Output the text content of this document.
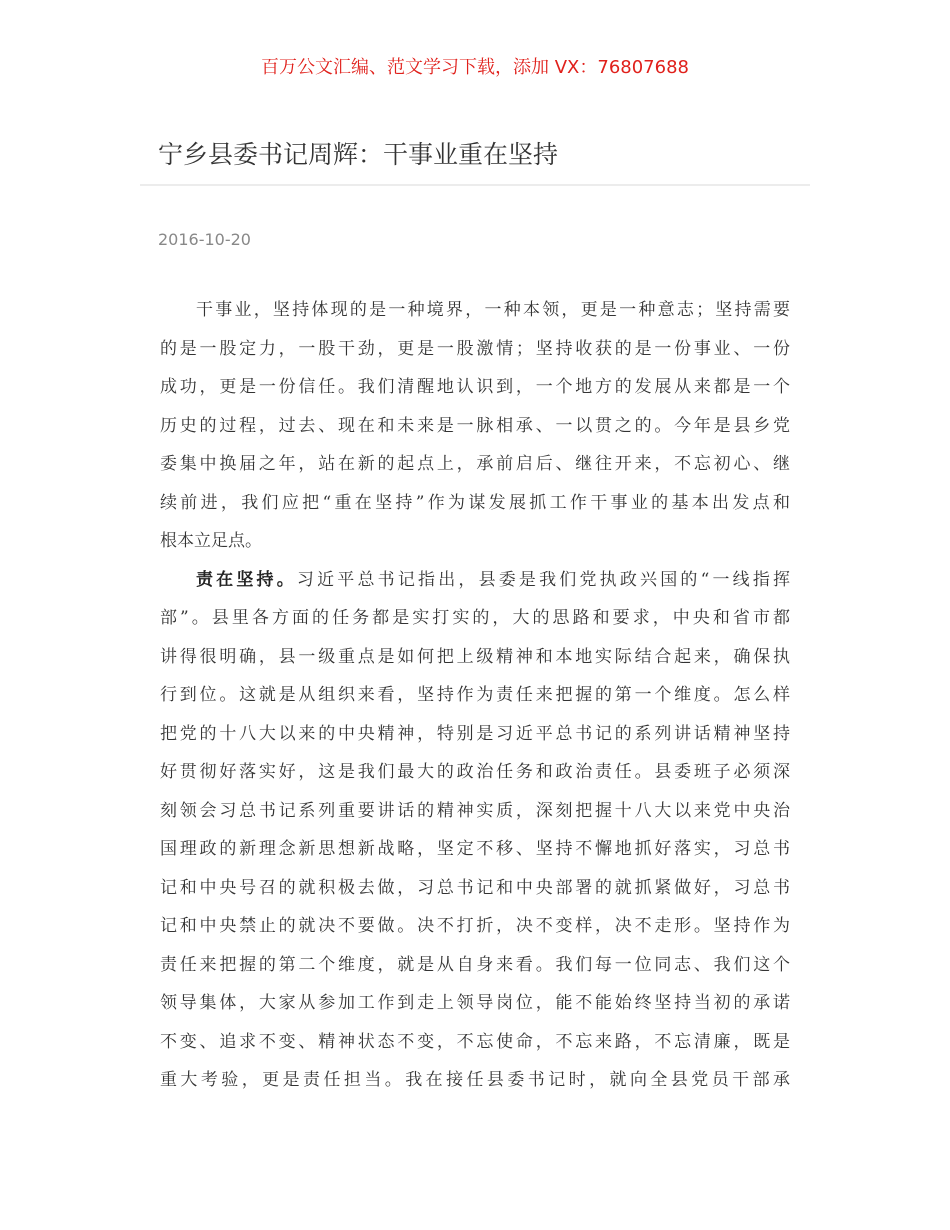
百万公文汇编、范文学习下载，添加 VX：76807688
宁乡县委书记周辉：干事业重在坚持
2016-10-20
干事业，坚持体现的是一种境界，一种本领，更是一种意志；坚持需要
的是一股定力，一股干劲，更是一股激情；坚持收获的是一份事业、一份
成功，更是一份信任。我们清醒地认识到，一个地方的发展从来都是一个
历史的过程，过去、现在和未来是一脉相承、一以贯之的。今年是县乡党
委集中换届之年，站在新的起点上，承前启后、继往开来，不忘初心、继
续前进，我们应把“重在坚持”作为谋发展抓工作干事业的基本出发点和
根本立足点。
责在坚持。习近平总书记指出，县委是我们党执政兴国的“一线指挥
部”。县里各方面的任务都是实打实的，大的思路和要求，中央和省市都
讲得很明确，县一级重点是如何把上级精神和本地实际结合起来，确保执
行到位。这就是从组织来看，坚持作为责任来把握的第一个维度。怎么样
把党的十八大以来的中央精神，特别是习近平总书记的系列讲话精神坚持
好贯彻好落实好，这是我们最大的政治任务和政治责任。县委班子必须深
刻领会习总书记系列重要讲话的精神实质，深刻把握十八大以来党中央治
国理政的新理念新思想新战略，坚定不移、坚持不懈地抓好落实，习总书
记和中央号召的就积极去做，习总书记和中央部署的就抓紧做好，习总书
记和中央禁止的就决不要做。决不打折，决不变样，决不走形。坚持作为
责任来把握的第二个维度，就是从自身来看。我们每一位同志、我们这个
领导集体，大家从参加工作到走上领导岗位，能不能始终坚持当初的承诺
不变、追求不变、精神状态不变，不忘使命，不忘来路，不忘清廉，既是
重大考验，更是责任担当。我在接任县委书记时，就向全县党员干部承
